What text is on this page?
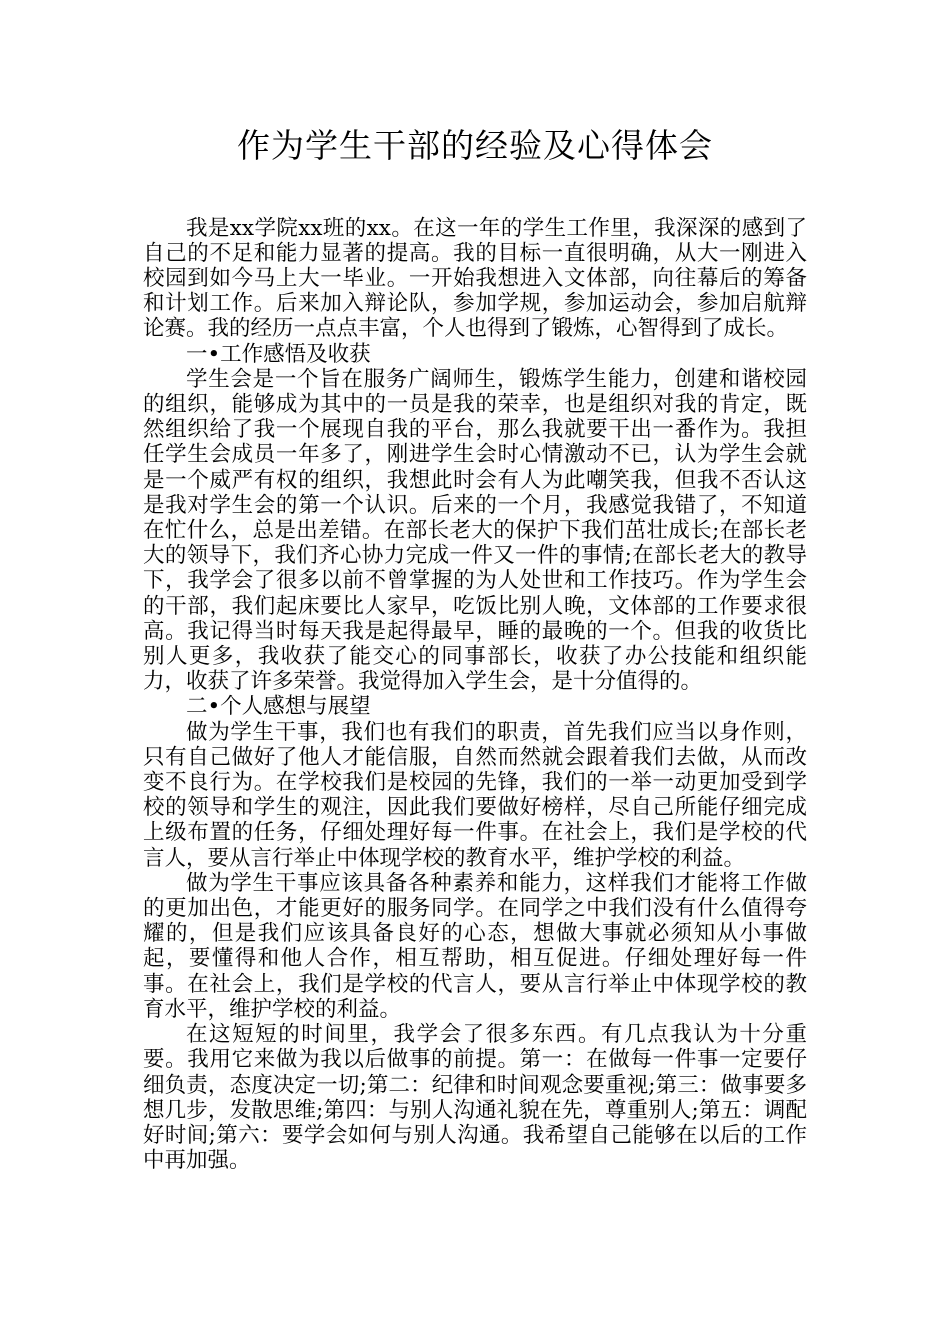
作为学生干部的经验及心得体会

我是xx学院xx班的xx。在这一年的学生工作里，我深深的感到了自己的不足和能力显著的提高。我的目标一直很明确，从大一刚进入校园到如今马上大一毕业。一开始我想进入文体部，向往幕后的筹备和计划工作。后来加入辩论队，参加学规，参加运动会，参加启航辩论赛。我的经历一点点丰富，个人也得到了锻炼，心智得到了成长。

一•工作感悟及收获

学生会是一个旨在服务广阔师生，锻炼学生能力，创建和谐校园的组织，能够成为其中的一员是我的荣幸，也是组织对我的肯定，既然组织给了我一个展现自我的平台，那么我就要干出一番作为。我担任学生会成员一年多了，刚进学生会时心情激动不已，认为学生会就是一个威严有权的组织，我想此时会有人为此嘲笑我，但我不否认这是我对学生会的第一个认识。后来的一个月，我感觉我错了，不知道在忙什么，总是出差错。在部长老大的保护下我们茁壮成长;在部长老大的领导下，我们齐心协力完成一件又一件的事情;在部长老大的教导下，我学会了很多以前不曾掌握的为人处世和工作技巧。作为学生会的干部，我们起床要比人家早，吃饭比别人晚，文体部的工作要求很高。我记得当时每天我是起得最早，睡的最晚的一个。但我的收货比别人更多，我收获了能交心的同事部长，收获了办公技能和组织能力，收获了许多荣誉。我觉得加入学生会，是十分值得的。

二•个人感想与展望

做为学生干事，我们也有我们的职责，首先我们应当以身作则，只有自己做好了他人才能信服，自然而然就会跟着我们去做，从而改变不良行为。在学校我们是校园的先锋，我们的一举一动更加受到学校的领导和学生的观注，因此我们要做好榜样，尽自己所能仔细完成上级布置的任务，仔细处理好每一件事。在社会上，我们是学校的代言人，要从言行举止中体现学校的教育水平，维护学校的利益。

做为学生干事应该具备各种素养和能力，这样我们才能将工作做的更加出色，才能更好的服务同学。在同学之中我们没有什么值得夸耀的，但是我们应该具备良好的心态，想做大事就必须知从小事做起，要懂得和他人合作，相互帮助，相互促进。仔细处理好每一件事。在社会上，我们是学校的代言人，要从言行举止中体现学校的教育水平，维护学校的利益。

在这短短的时间里，我学会了很多东西。有几点我认为十分重要。我用它来做为我以后做事的前提。第一：在做每一件事一定要仔细负责，态度决定一切;第二：纪律和时间观念要重视;第三：做事要多想几步，发散思维;第四：与别人沟通礼貌在先，尊重别人;第五：调配好时间;第六：要学会如何与别人沟通。我希望自己能够在以后的工作中再加强。
